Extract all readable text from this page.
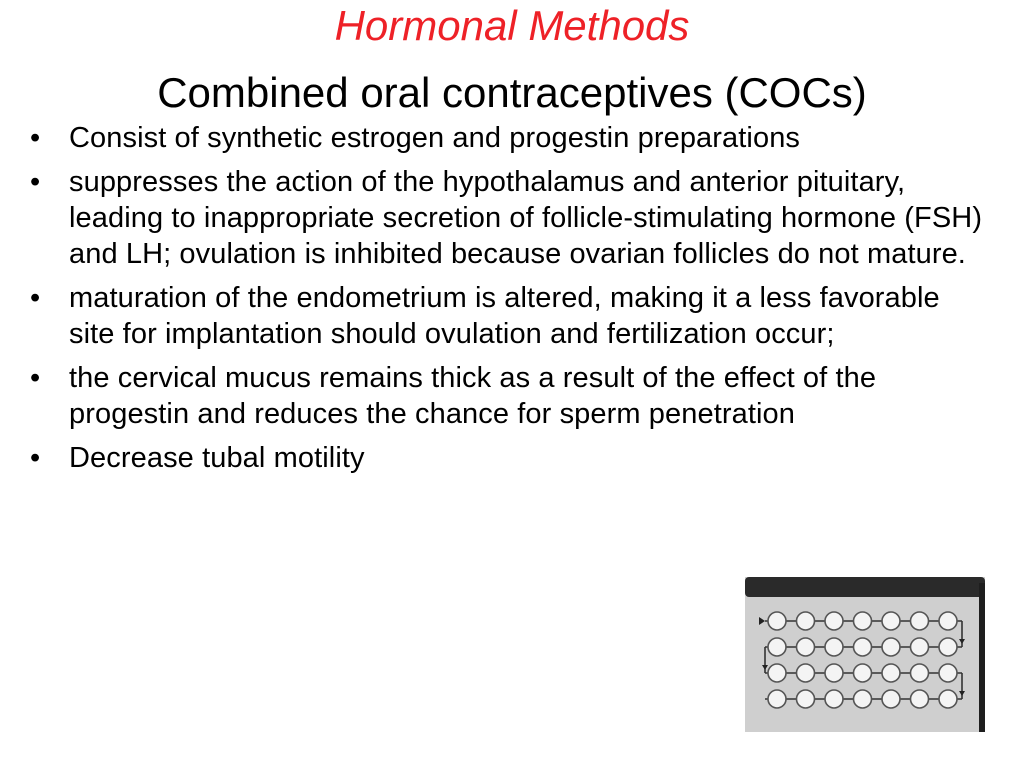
Hormonal Methods
Combined oral contraceptives (COCs)
• Consist of synthetic estrogen and progestin preparations
• suppresses the action of the hypothalamus and anterior pituitary, leading to inappropriate secretion of follicle-stimulating hormone (FSH) and LH; ovulation is inhibited because ovarian follicles do not mature.
• maturation of the endometrium is altered, making it a less favorable site for implantation should ovulation and fertilization occur;
• the cervical mucus remains thick as a result of the effect of the progestin and reduces the chance for sperm penetration
• Decrease tubal motility
